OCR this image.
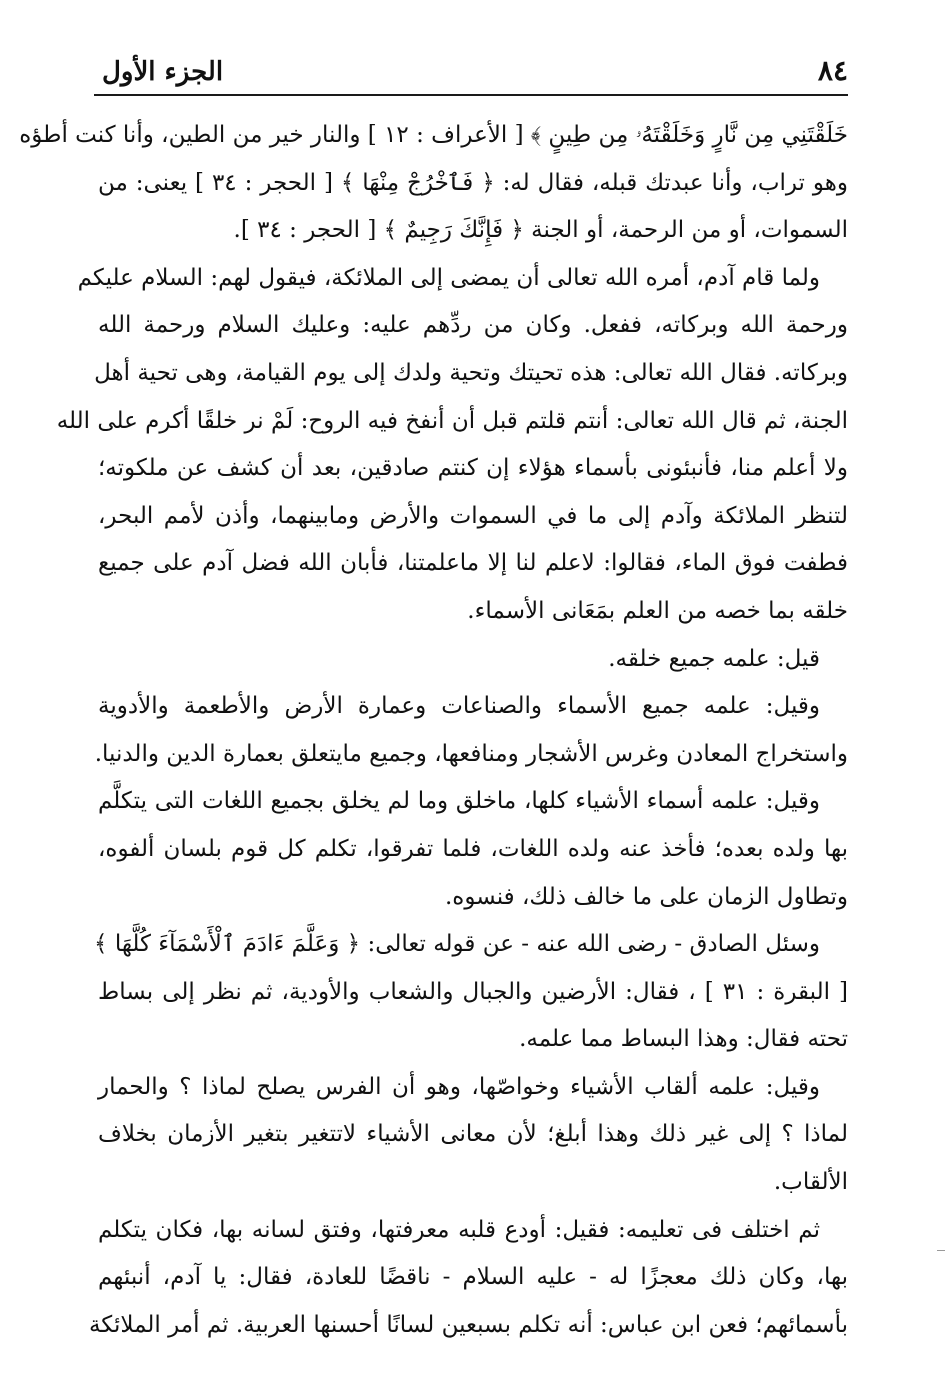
٨٤
الجزء الأول
خَلَقْتَنِي مِن نَّارٍ وَخَلَقْتَهُۥ مِن طِينٍ ﴾ [ الأعراف : ١٢ ] والنار خير من الطين، وأنا كنت أطؤه
وهو تراب، وأنا عبدتك قبله، فقال له: ﴿ فَٱخْرُجْ مِنْهَا ﴾ [ الحجر : ٣٤ ] يعنى: من
السموات، أو من الرحمة، أو الجنة ﴿ فَإِنَّكَ رَجِيمٌ ﴾ [ الحجر : ٣٤ ].
ولما قام آدم، أمره الله تعالى أن يمضى إلى الملائكة، فيقول لهم: السلام عليكم
ورحمة الله وبركاته، ففعل. وكان من ردِّهم عليه: وعليك السلام ورحمة الله
وبركاته. فقال الله تعالى: هذه تحيتك وتحية ولدك إلى يوم القيامة، وهى تحية أهل
الجنة، ثم قال الله تعالى: أنتم قلتم قبل أن أنفخ فيه الروح: لَمْ نر خلقًا أكرم على الله
ولا أعلم منا، فأنبئونى بأسماء هؤلاء إن كنتم صادقين، بعد أن كشف عن ملكوته؛
لتنظر الملائكة وآدم إلى ما في السموات والأرض ومابينهما، وأذن لأمم البحر،
فطفت فوق الماء، فقالوا: لاعلم لنا إلا ماعلمتنا، فأبان الله فضل آدم على جميع
خلقه بما خصه من العلم بمَعَانى الأسماء.
قيل: علمه جميع خلقه.
وقيل: علمه جميع الأسماء والصناعات وعمارة الأرض والأطعمة والأدوية
واستخراج المعادن وغرس الأشجار ومنافعها، وجميع مايتعلق بعمارة الدين والدنيا.
وقيل: علمه أسماء الأشياء كلها، ماخلق وما لم يخلق بجميع اللغات التى يتكلَّم
بها ولده بعده؛ فأخذ عنه ولده اللغات، فلما تفرقوا، تكلم كل قوم بلسان ألفوه،
وتطاول الزمان على ما خالف ذلك، فنسوه.
وسئل الصادق - رضى الله عنه - عن قوله تعالى: ﴿ وَعَلَّمَ ءَادَمَ ٱلْأَسْمَآءَ كُلَّهَا ﴾
[ البقرة : ٣١ ] ، فقال: الأرضين والجبال والشعاب والأودية، ثم نظر إلى بساط
تحته فقال: وهذا البساط مما علمه.
وقيل: علمه ألقاب الأشياء وخواصّها، وهو أن الفرس يصلح لماذا ؟ والحمار
لماذا ؟ إلى غير ذلك وهذا أبلغ؛ لأن معانى الأشياء لاتتغير بتغير الأزمان بخلاف
الألقاب.
ثم اختلف فى تعليمه: فقيل: أودع قلبه معرفتها، وفتق لسانه بها، فكان يتكلم
بها، وكان ذلك معجزًا له - عليه السلام - ناقضًا للعادة، فقال: يا آدم، أنبئهم
بأسمائهم؛ فعن ابن عباس: أنه تكلم بسبعين لسانًا أحسنها العربية. ثم أمر الملائكة
